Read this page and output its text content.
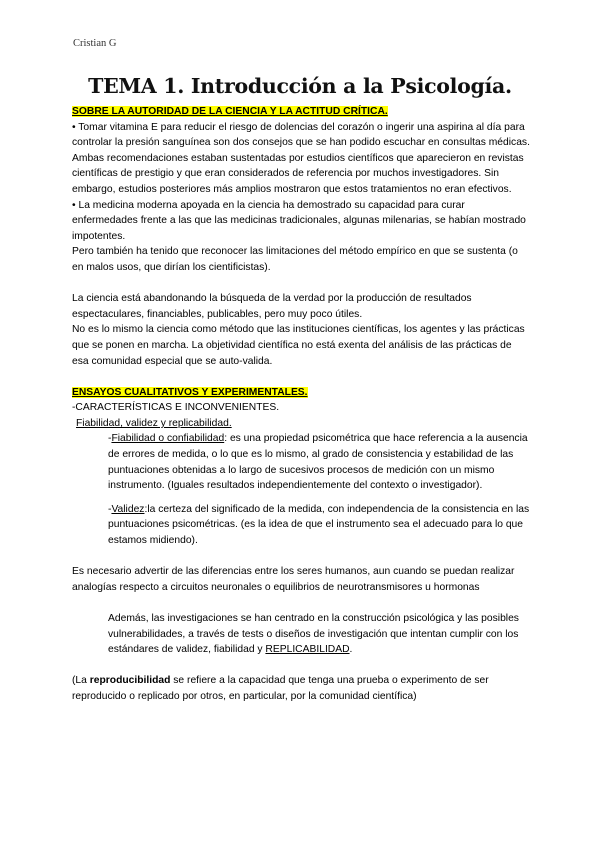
Cristian G
TEMA 1. Introducción a la Psicología.

SOBRE LA AUTORIDAD DE LA CIENCIA Y LA ACTITUD CRÍTICA.

• Tomar vitamina E para reducir el riesgo de dolencias del corazón o ingerir una aspirina al día para controlar la presión sanguínea son dos consejos que se han podido escuchar en consultas médicas.

Ambas recomendaciones estaban sustentadas por estudios científicos que aparecieron en revistas científicas de prestigio y que eran considerados de referencia por muchos investigadores. Sin embargo, estudios posteriores más amplios mostraron que estos tratamientos no eran efectivos.

• La medicina moderna apoyada en la ciencia ha demostrado su capacidad para curar enfermedades frente a las que las medicinas tradicionales, algunas milenarias, se habían mostrado impotentes.

Pero también ha tenido que reconocer las limitaciones del método empírico en que se sustenta (o en malos usos, que dirían los cientificistas).

La ciencia está abandonando la búsqueda de la verdad por la producción de resultados espectaculares, financiables, publicables, pero muy poco útiles.

No es lo mismo la ciencia como método que las instituciones científicas, los agentes y las prácticas que se ponen en marcha. La objetividad científica no está exenta del análisis de las prácticas de esa comunidad especial que se auto-valida.

ENSAYOS CUALITATIVOS Y EXPERIMENTALES.

-CARACTERÍSTICAS E INCONVENIENTES.

Fiabilidad, validez y replicabilidad.

-Fiabilidad o confiabilidad: es una propiedad psicométrica que hace referencia a la ausencia de errores de medida, o lo que es lo mismo, al grado de consistencia y estabilidad de las puntuaciones obtenidas a lo largo de sucesivos procesos de medición con un mismo instrumento. (Iguales resultados independientemente del contexto o investigador).

-Validez:la certeza del significado de la medida, con independencia de la consistencia en las puntuaciones psicométricas. (es la idea de que el instrumento sea el adecuado para lo que estamos midiendo).

Es necesario advertir de las diferencias entre los seres humanos, aun cuando se puedan realizar analogías respecto a circuitos neuronales o equilibrios de neurotransmisores u hormonas

Además, las investigaciones se han centrado en la construcción psicológica y las posibles vulnerabilidades, a través de tests o diseños de investigación que intentan cumplir con los estándares de validez, fiabilidad y REPLICABILIDAD.

(La reproducibilidad se refiere a la capacidad que tenga una prueba o experimento de ser reproducido o replicado por otros, en particular, por la comunidad científica)
